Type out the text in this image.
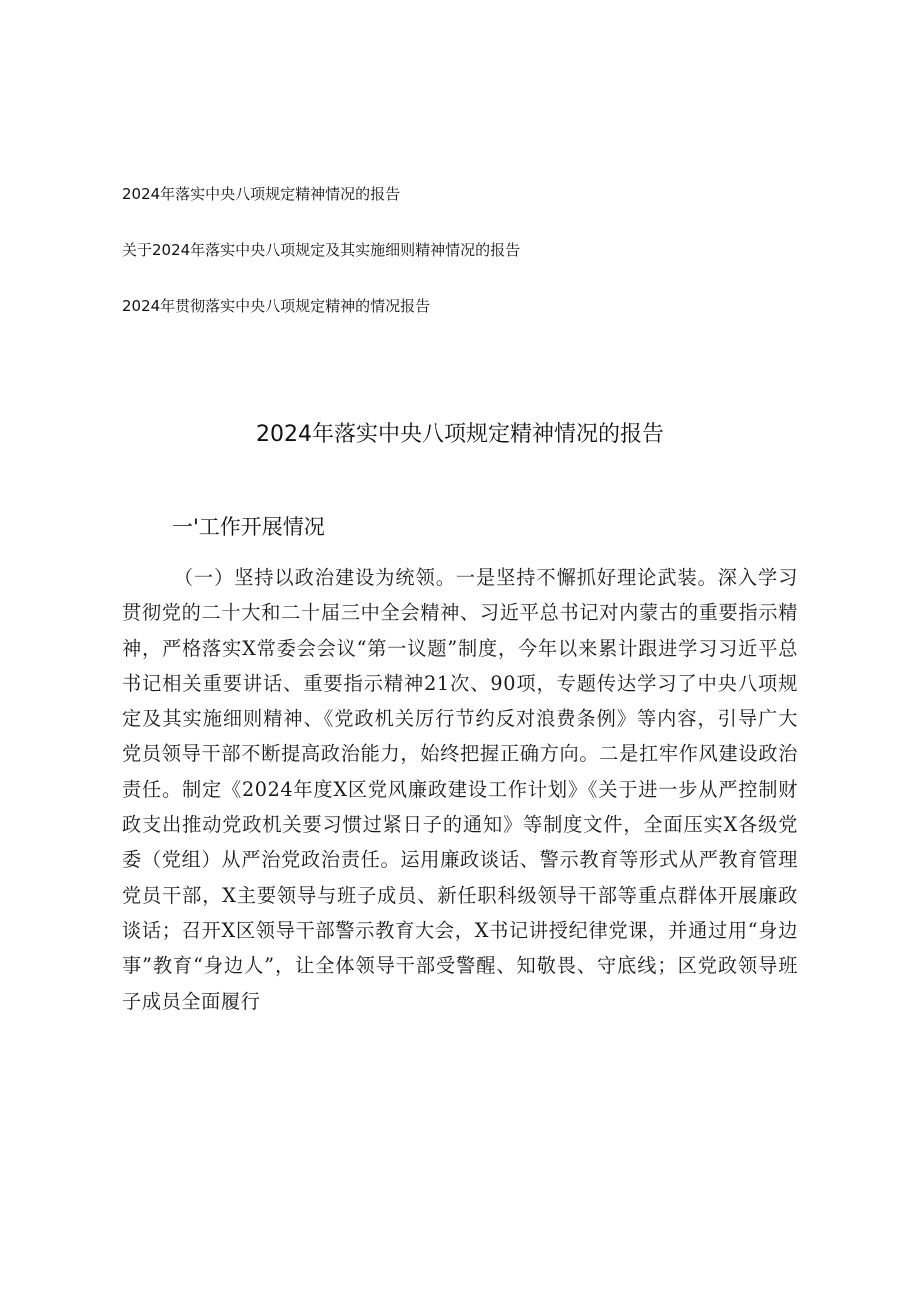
2024年落实中央八项规定精神情况的报告
关于2024年落实中央八项规定及其实施细则精神情况的报告
2024年贯彻落实中央八项规定精神的情况报告
2024年落实中央八项规定精神情况的报告
一'工作开展情况

（一）坚持以政治建设为统领。一是坚持不懈抓好理论武装。深入学习贯彻党的二十大和二十届三中全会精神、习近平总书记对内蒙古的重要指示精神，严格落实X常委会会议“第一议题”制度，今年以来累计跟进学习习近平总书记相关重要讲话、重要指示精神21次、90项，专题传达学习了中央八项规定及其实施细则精神、《党政机关厉行节约反对浪费条例》等内容，引导广大党员领导干部不断提高政治能力，始终把握正确方向。二是扛牢作风建设政治责任。制定《2024年度X区党风廉政建设工作计划》《关于进一步从严控制财政支出推动党政机关要习惯过紧日子的通知》等制度文件，全面压实X各级党委（党组）从严治党政治责任。运用廉政谈话、警示教育等形式从严教育管理党员干部，X主要领导与班子成员、新任职科级领导干部等重点群体开展廉政谈话；召开X区领导干部警示教育大会，X书记讲授纪律党课，并通过用“身边事”教育“身边人”，让全体领导干部受警醒、知敬畏、守底线；区党政领导班子成员全面履行
